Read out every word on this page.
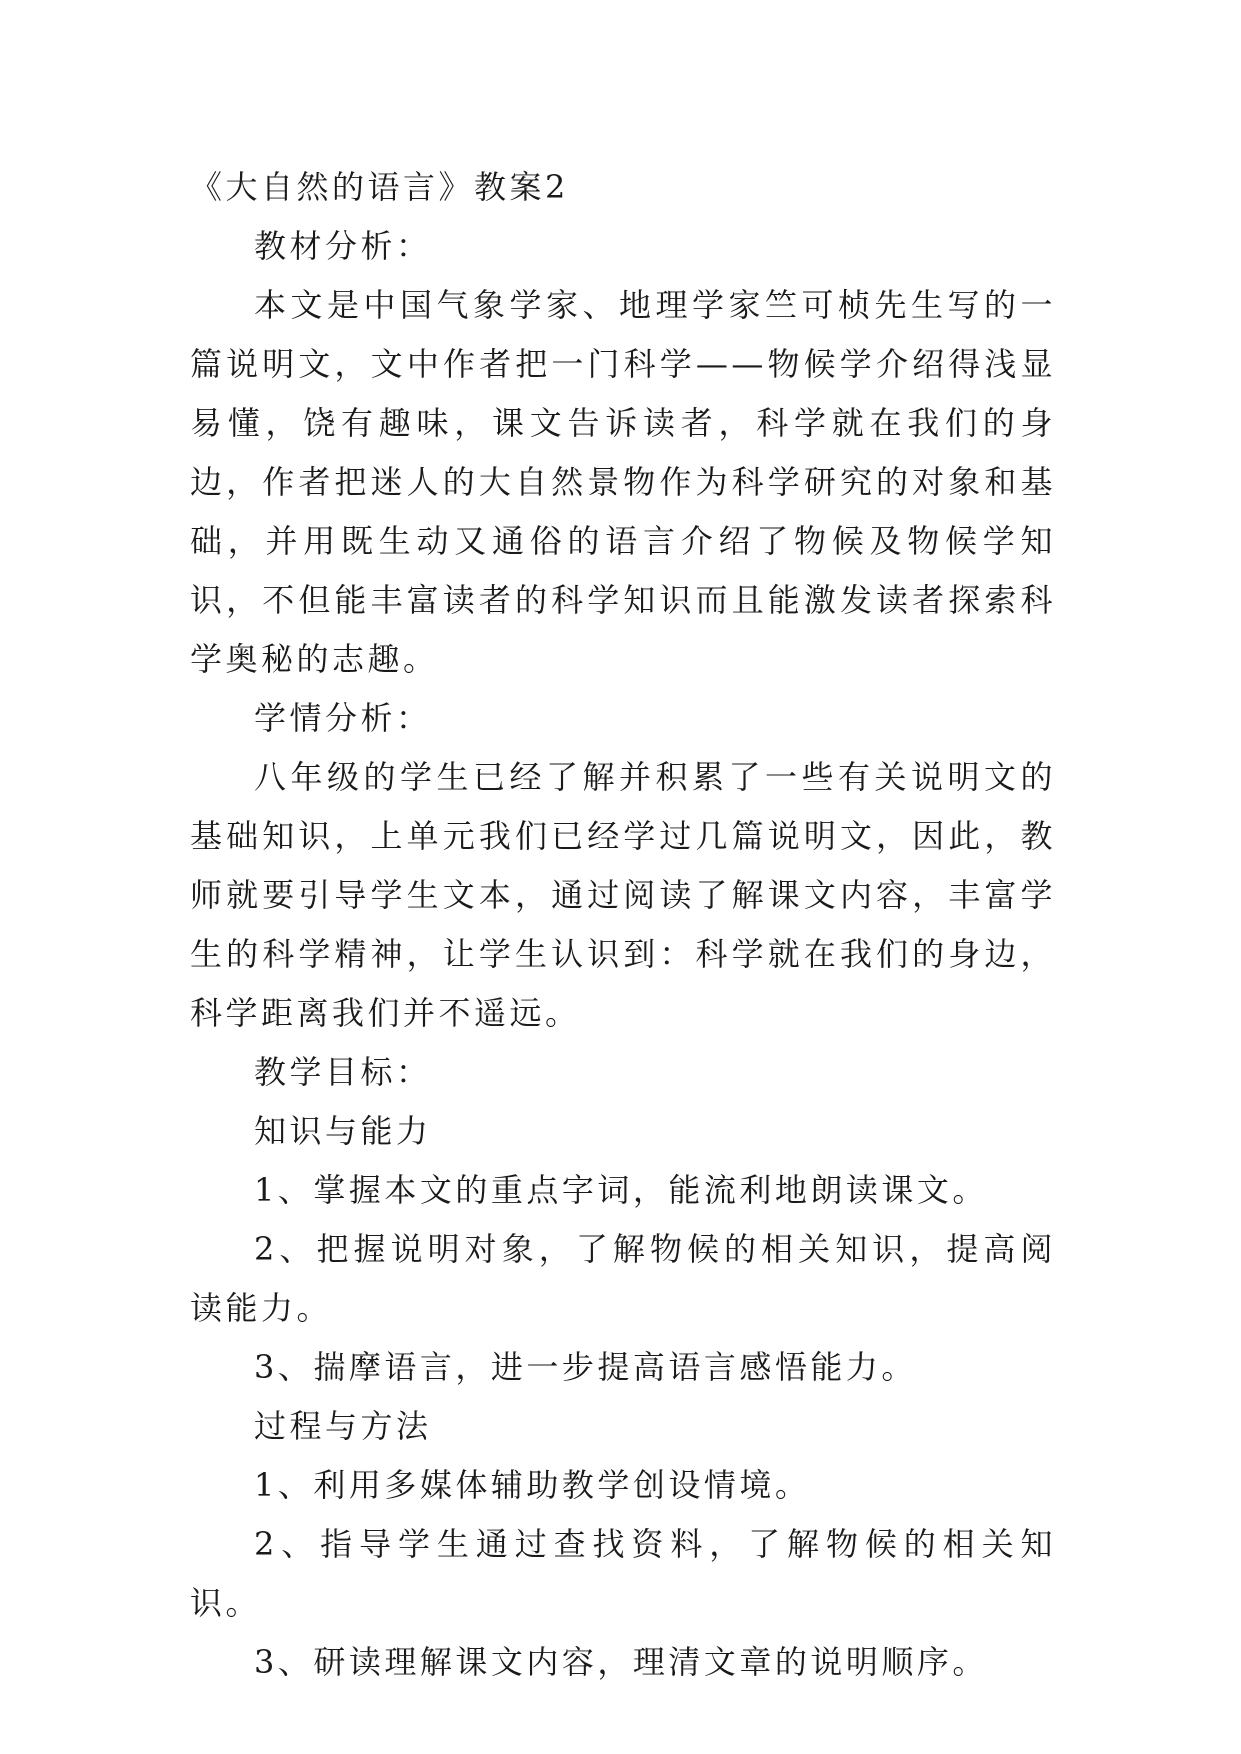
《大自然的语言》教案2

教材分析：

本文是中国气象学家、地理学家竺可桢先生写的一篇说明文，文中作者把一门科学——物候学介绍得浅显易懂，饶有趣味，课文告诉读者，科学就在我们的身边，作者把迷人的大自然景物作为科学研究的对象和基础，并用既生动又通俗的语言介绍了物候及物候学知识，不但能丰富读者的科学知识而且能激发读者探索科学奥秘的志趣。

学情分析：

八年级的学生已经了解并积累了一些有关说明文的基础知识，上单元我们已经学过几篇说明文，因此，教师就要引导学生文本，通过阅读了解课文内容，丰富学生的科学精神，让学生认识到：科学就在我们的身边，科学距离我们并不遥远。

教学目标：

知识与能力

1、掌握本文的重点字词，能流利地朗读课文。

2、把握说明对象，了解物候的相关知识，提高阅读能力。

3、揣摩语言，进一步提高语言感悟能力。

过程与方法

1、利用多媒体辅助教学创设情境。

2、指导学生通过查找资料，了解物候的相关知识。

3、研读理解课文内容，理清文章的说明顺序。
